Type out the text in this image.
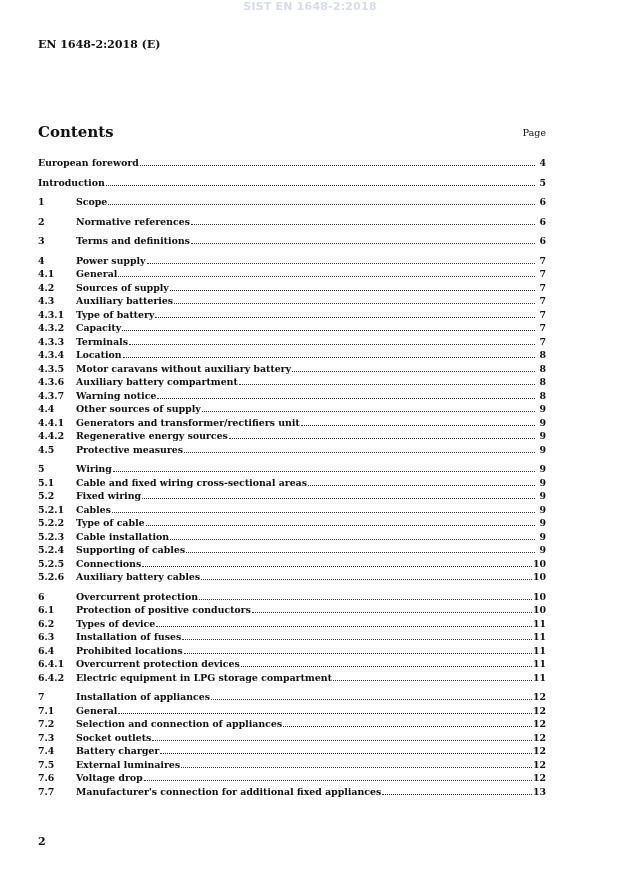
SIST EN 1648-2:2018
EN 1648-2:2018 (E)
Contents	Page
European foreword	4
Introduction	5
1	Scope	6
2	Normative references	6
3	Terms and definitions	6
4	Power supply	7
4.1	General	7
4.2	Sources of supply	7
4.3	Auxiliary batteries	7
4.3.1	Type of battery	7
4.3.2	Capacity	7
4.3.3	Terminals	7
4.3.4	Location	8
4.3.5	Motor caravans without auxiliary battery	8
4.3.6	Auxiliary battery compartment	8
4.3.7	Warning notice	8
4.4	Other sources of supply	9
4.4.1	Generators and transformer/rectifiers unit	9
4.4.2	Regenerative energy sources	9
4.5	Protective measures	9
5	Wiring	9
5.1	Cable and fixed wiring cross-sectional areas	9
5.2	Fixed wiring	9
5.2.1	Cables	9
5.2.2	Type of cable	9
5.2.3	Cable installation	9
5.2.4	Supporting of cables	9
5.2.5	Connections	10
5.2.6	Auxiliary battery cables	10
6	Overcurrent protection	10
6.1	Protection of positive conductors	10
6.2	Types of device	11
6.3	Installation of fuses	11
6.4	Prohibited locations	11
6.4.1	Overcurrent protection devices	11
6.4.2	Electric equipment in LPG storage compartment	11
7	Installation of appliances	12
7.1	General	12
7.2	Selection and connection of appliances	12
7.3	Socket outlets	12
7.4	Battery charger	12
7.5	External luminaires	12
7.6	Voltage drop	12
7.7	Manufacturer's connection for additional fixed appliances	13
2
